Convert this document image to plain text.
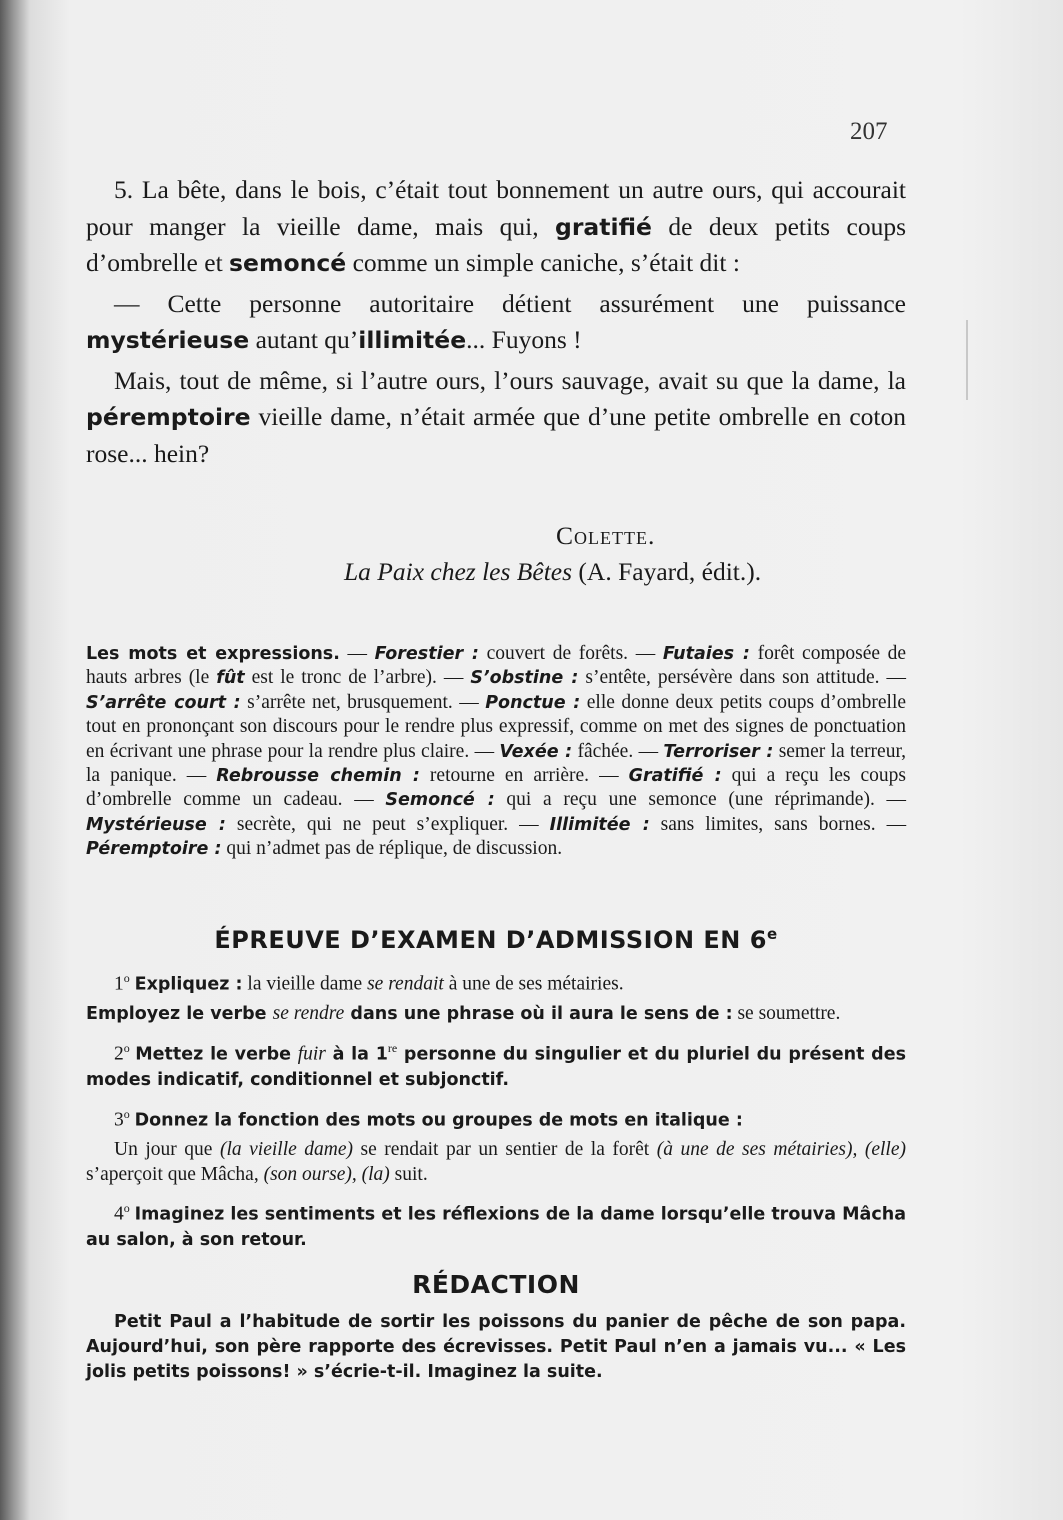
207

5. La bête, dans le bois, c’était tout bonnement un autre ours, qui accourait pour manger la vieille dame, mais qui, gratifié de deux petits coups d’ombrelle et semoncé comme un simple caniche, s’était dit :

— Cette personne autoritaire détient assurément une puissance mystérieuse autant qu’illimitée... Fuyons !

Mais, tout de même, si l’autre ours, l’ours sauvage, avait su que la dame, la péremptoire vieille dame, n’était armée que d’une petite ombrelle en coton rose... hein?

Colette.
La Paix chez les Bêtes (A. Fayard, édit.).
Les mots et expressions. — Forestier : couvert de forêts. — Futaies : forêt composée de hauts arbres (le fût est le tronc de l’arbre). — S’obstine : s’entête, persévère dans son attitude. — S’arrête court : s’arrête net, brusquement. — Ponctue : elle donne deux petits coups d’ombrelle tout en prononçant son discours pour le rendre plus expressif, comme on met des signes de ponctuation en écrivant une phrase pour la rendre plus claire. — Vexée : fâchée. — Terroriser : semer la terreur, la panique. — Rebrousse chemin : retourne en arrière. — Gratifié : qui a reçu les coups d’ombrelle comme un cadeau. — Semoncé : qui a reçu une semonce (une réprimande). — Mystérieuse : secrète, qui ne peut s’expliquer. — Illimitée : sans limites, sans bornes. — Péremptoire : qui n’admet pas de réplique, de discussion.
ÉPREUVE D’EXAMEN D’ADMISSION EN 6e

1$^o$ Expliquez : la vieille dame se rendait à une de ses métairies.

Employez le verbe se rendre dans une phrase où il aura le sens de : se soumettre.

2$^o$ Mettez le verbe fuir à la 1re personne du singulier et du pluriel du présent des modes indicatif, conditionnel et subjonctif.

3$^o$ Donnez la fonction des mots ou groupes de mots en italique :

Un jour que (la vieille dame) se rendait par un sentier de la forêt (à une de ses métairies), (elle) s’aperçoit que Mâcha, (son ourse), (la) suit.

4$^o$ Imaginez les sentiments et les réflexions de la dame lorsqu’elle trouva Mâcha au salon, à son retour.

RÉDACTION
Petit Paul a l’habitude de sortir les poissons du panier de pêche de son papa. Aujourd’hui, son père rapporte des écrevisses. Petit Paul n’en a jamais vu... « Les jolis petits poissons! » s’écrie-t-il. Imaginez la suite.
